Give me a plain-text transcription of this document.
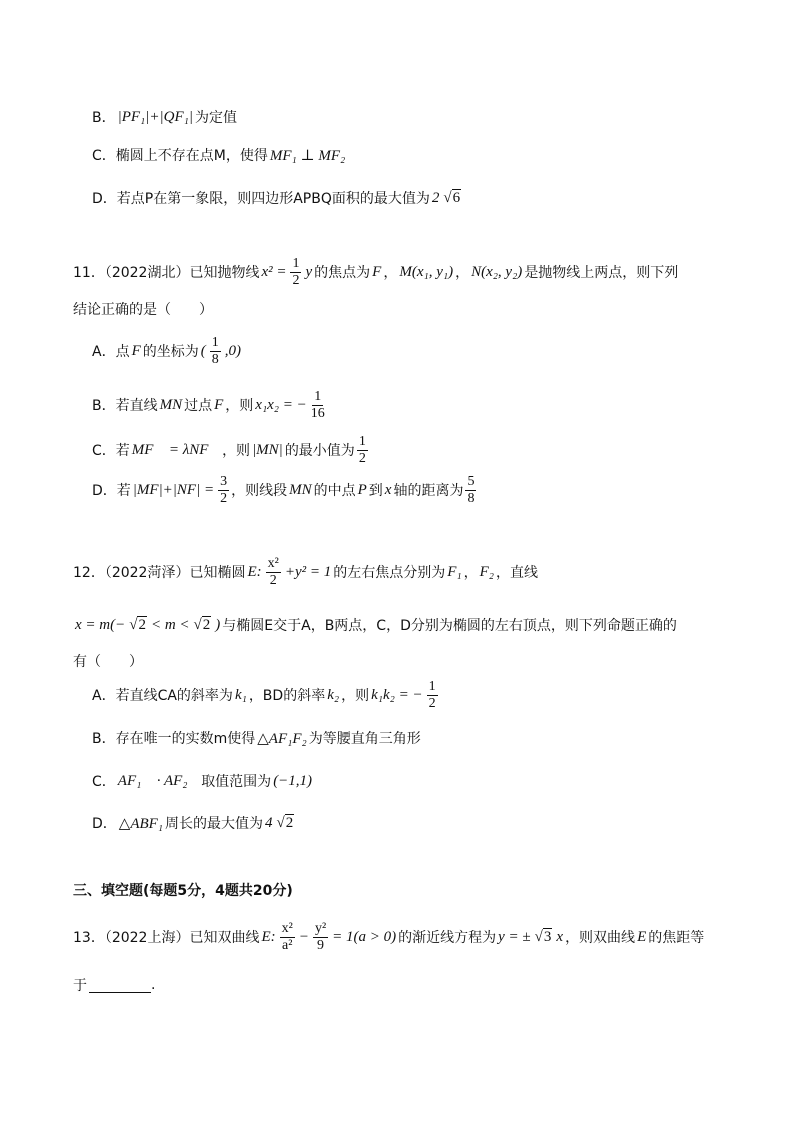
B． |PF₁|+|QF₁| 为定值
C．椭圆上不存在点M，使得 MF₁ ⊥ MF₂
D．若点P在第一象限，则四边形APBQ面积的最大值为 2 √6
11．（2022湖北）已知抛物线 $x^2 = \frac{1}{2}$ y 的焦点为 F ， M(x₁, y₁) ， N(x₂, y₂) 是抛物线上两点，则下列
结论正确的是（　　）
A．点 F 的坐标为 ( $\frac{1}{8} ,0$)
B．若直线 MN 过点 F ，则 x₁x₂ = − $\frac{1}{16}$
C．若 MF⃗ = λNF⃗ ，则 |MN| 的最小值为 $\frac{1}{2}$
D．若 $|MF|+|NF| = \frac{3}{2}$ ，则线段 MN 的中点 P 到 x 轴的距离为 $\frac{5}{8}$
12．（2022菏泽）已知椭圆 E: $\frac{\text{x²}}{2} +y^2 = 1$ 的左右焦点分别为 F₁ ， F₂ ，直线
x = m(− √2 < m < √2 ) 与椭圆E交于A，B两点，C，D分别为椭圆的左右顶点，则下列命题正确的
有（　　）
A．若直线CA的斜率为 k₁ ，BD的斜率 k₂ ，则 k₁k₂ = − $\frac{1}{2}$
B．存在唯一的实数m使得 △AF₁F₂ 为等腰直角三角形
C． AF₁⃗ · AF₂⃗ 取值范围为 (−1,1)
D． △ABF₁ 周长的最大值为 4 √2
三、填空题(每题5分，4题共20分)
13．（2022上海）已知双曲线 E: $\frac{\text{x²}}{\text{a²}} - \frac{\text{y²}}{9} = 1(a > 0)$ 的渐近线方程为 y = ± √3 x ，则双曲线 E 的焦距等
于	.
